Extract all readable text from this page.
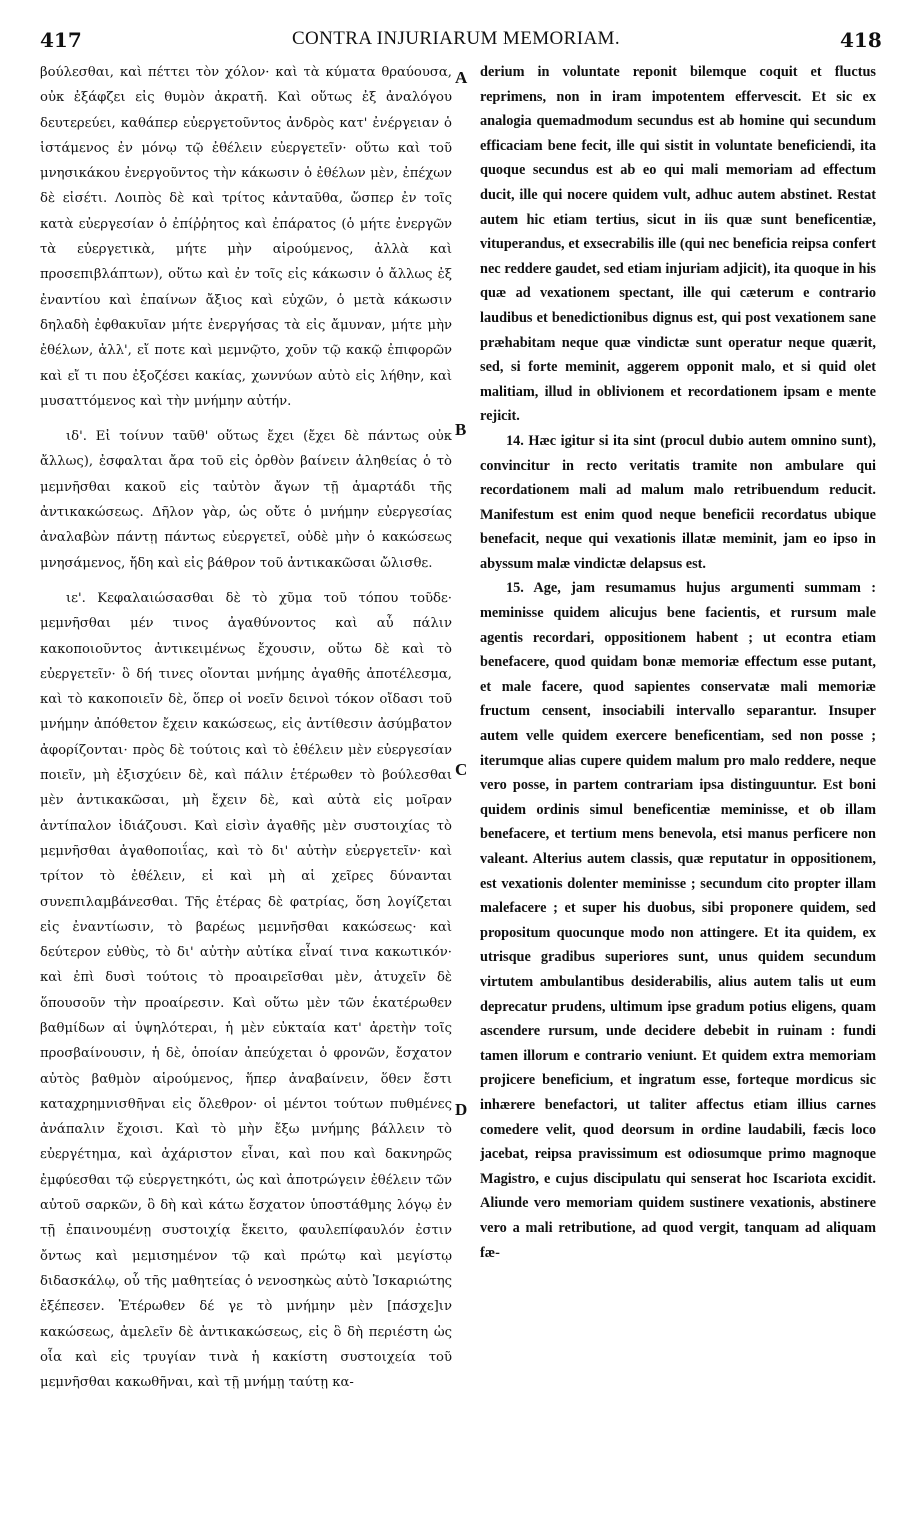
417	CONTRA INJURIARUM MEMORIAM.	418

βούλεσθαι, καὶ πέττει τὸν χόλον· καὶ τὰ κύματα θραύουσα, οὐκ ἐξάφζει εἰς θυμὸν ἀκρατῆ. Καὶ οὕτως ἐξ ἀναλόγου δευτερεύει, καθάπερ εὐεργετοῦντος ἀνδρὸς κατ' ἐνέργειαν ὁ ἱστάμενος ἐν μόνῳ τῷ ἐθέλειν εὐεργετεῖν· οὕτω καὶ τοῦ μνησικάκου ἐνεργοῦντος τὴν κάκωσιν ὁ ἐθέλων μὲν, ἐπέχων δὲ εἰσέτι. Λοιπὸς δὲ καὶ τρίτος κἀνταῦθα, ὥσπερ ἐν τοῖς κατὰ εὐεργεσίαν ὁ ἐπίῤῥητος καὶ ἐπάρατος (ὁ μήτε ἐνεργῶν τὰ εὐεργετικὰ, μήτε μὴν αἱρούμενος, ἀλλὰ καὶ προσεπιβλάπτων), οὕτω καὶ ἐν τοῖς εἰς κάκωσιν ὁ ἄλλως ἐξ ἐναντίου καὶ ἐπαίνων ἄξιος καὶ εὐχῶν, ὁ μετὰ κάκωσιν δηλαδὴ ἐφθακυῖαν μήτε ἐνεργήσας τὰ εἰς ἄμυναν, μήτε μὴν ἐθέλων, ἀλλ', εἴ ποτε καὶ μεμνῷτο, χοῦν τῷ κακῷ ἐπιφορῶν καὶ εἴ τι που ἐξοζέσει κακίας, χωννύων αὐτὸ εἰς λήθην, καὶ μυσαττόμενος καὶ τὴν μνήμην αὐτήν.

ιδ'. Εἰ τοίνυν ταῦθ' οὕτως ἔχει (ἔχει δὲ πάντως οὐκ ἄλλως), ἐσφαλται ἄρα τοῦ εἰς ὀρθὸν βαίνειν ἀληθείας ὁ τὸ μεμνῆσθαι κακοῦ εἰς ταὐτὸν ἄγων τῇ ἁμαρτάδι τῆς ἀντικακώσεως. Δῆλον γὰρ, ὡς οὔτε ὁ μνήμην εὐεργεσίας ἀναλαβὼν πάντῃ πάντως εὐεργετεῖ, οὐδὲ μὴν ὁ κακώσεως μνησάμενος, ἤδη καὶ εἰς βάθρον τοῦ ἀντικακῶσαι ὤλισθε.

ιε'. Κεφαλαιώσασθαι δὲ τὸ χῦμα τοῦ τόπου τοῦδε· μεμνῆσθαι μέν τινος ἀγαθύνοντος καὶ αὖ πάλιν κακοποιοῦντος ἀντικειμένως ἔχουσιν, οὕτω δὲ καὶ τὸ εὐεργετεῖν· ὃ δή τινες οἴονται μνήμης ἀγαθῆς ἀποτέλεσμα, καὶ τὸ κακοποιεῖν δὲ, ὅπερ οἱ νοεῖν δεινοὶ τόκον οἴδασι τοῦ μνήμην ἀπόθετον ἔχειν κακώσεως, εἰς ἀντίθεσιν ἀσύμβατον ἀφορίζονται· πρὸς δὲ τούτοις καὶ τὸ ἐθέλειν μὲν εὐεργεσίαν ποιεῖν, μὴ ἐξισχύειν δὲ, καὶ πάλιν ἑτέρωθεν τὸ βούλεσθαι μὲν ἀντικακῶσαι, μὴ ἔχειν δὲ, καὶ αὐτὰ εἰς μοῖραν ἀντίπαλον ἰδιάζουσι. Καὶ εἰσὶν ἀγαθῆς μὲν συστοιχίας τὸ μεμνῆσθαι ἀγαθοποιΐας, καὶ τὸ δι' αὐτὴν εὐεργετεῖν· καὶ τρίτον τὸ ἐθέλειν, εἰ καὶ μὴ αἱ χεῖρες δύνανται συνεπιλαμβάνεσθαι. Τῆς ἑτέρας δὲ φατρίας, ὅση λογίζεται εἰς ἐναντίωσιν, τὸ βαρέως μεμνῆσθαι κακώσεως· καὶ δεύτερον εὐθὺς, τὸ δι' αὐτὴν αὐτίκα εἶναί τινα κακωτικόν· καὶ ἐπὶ δυσὶ τούτοις τὸ προαιρεῖσθαι μὲν, ἀτυχεῖν δὲ ὅπουσοῦν τὴν προαίρεσιν. Καὶ οὕτω μὲν τῶν ἑκατέρωθεν βαθμίδων αἱ ὑψηλότεραι, ἡ μὲν εὐκταία κατ' ἀρετὴν τοῖς προσβαίνουσιν, ἡ δὲ, ὁποίαν ἀπεύχεται ὁ φρονῶν, ἔσχατον αὐτὸς βαθμὸν αἱρούμενος, ἥπερ ἀναβαίνειν, ὅθεν ἔστι καταχρημνισθῆναι εἰς ὄλεθρον· οἱ μέντοι τούτων πυθμένες ἀνάπαλιν ἔχοισι. Καὶ τὸ μὴν ἔξω μνήμης βάλλειν τὸ εὐεργέτημα, καὶ ἀχάριστον εἶναι, καὶ που καὶ δακνηρῶς ἐμφύεσθαι τῷ εὐεργετηκότι, ὡς καὶ ἀποτρώγειν ἐθέλειν τῶν αὐτοῦ σαρκῶν, ὃ δὴ καὶ κάτω ἔσχατον ὑποστάθμης λόγῳ ἐν τῇ ἐπαινουμένῃ συστοιχίᾳ ἔκειτο, φαυλεπίφαυλόν ἐστιν ὄντως καὶ μεμισημένον τῷ καὶ πρώτῳ καὶ μεγίστῳ διδασκάλῳ, οὗ τῆς μαθητείας ὁ νενοσηκὼς αὐτὸ Ἰσκαριώτης ἐξέπεσεν. Ἑτέρωθεν δέ γε τὸ μνήμην μὲν [πάσχε]ιν κακώσεως, ἀμελεῖν δὲ ἀντικακώσεως, εἰς ὃ δὴ περιέστη ὡς οἷα καὶ εἰς τρυγίαν τινὰ ἡ κακίστη συστοιχεία τοῦ μεμνῆσθαι κακωθῆναι, καὶ τῇ μνήμῃ ταύτῃ κα-

derium in voluntate reponit bilemque coquit et fluctus reprimens, non in iram impotentem effervescit. Et sic ex analogia quemadmodum secundus est ab homine qui secundum efficaciam bene fecit, ille qui sistit in voluntate beneficiendi, ita quoque secundus est ab eo qui mali memoriam ad effectum ducit, ille qui nocere quidem vult, adhuc autem abstinet. Restat autem hic etiam tertius, sicut in iis quæ sunt beneficentiæ, vituperandus, et exsecrabilis ille (qui nec beneficia reipsa confert nec reddere gaudet, sed etiam injuriam adjicit), ita quoque in his quæ ad vexationem spectant, ille qui cæterum e contrario laudibus et benedictionibus dignus est, qui post vexationem sane præhabitam neque quæ vindictæ sunt operatur neque quærit, sed, si forte meminit, aggerem opponit malo, et si quid olet malitiam, illud in oblivionem et recordationem ipsam e mente rejicit.

14. Hæc igitur si ita sint (procul dubio autem omnino sunt), convincitur in recto veritatis tramite non ambulare qui recordationem mali ad malum malo retribuendum reducit. Manifestum est enim quod neque beneficii recordatus ubique benefacit, neque qui vexationis illatæ meminit, jam eo ipso in abyssum malæ vindictæ delapsus est.

15. Age, jam resumamus hujus argumenti summam : meminisse quidem alicujus bene facientis, et rursum male agentis recordari, oppositionem habent ; ut econtra etiam benefacere, quod quidam bonæ memoriæ effectum esse putant, et male facere, quod sapientes conservatæ mali memoriæ fructum censent, insociabili intervallo separantur. Insuper autem velle quidem exercere beneficentiam, sed non posse ; iterumque alias cupere quidem malum pro malo reddere, neque vero posse, in partem contrariam ipsa distinguuntur. Est boni quidem ordinis simul beneficentiæ meminisse, et ob illam benefacere, et tertium mens benevola, etsi manus perficere non valeant. Alterius autem classis, quæ reputatur in oppositionem, est vexationis dolenter meminisse ; secundum cito propter illam malefacere ; et super his duobus, sibi proponere quidem, sed propositum quocunque modo non attingere. Et ita quidem, ex utrisque gradibus superiores sunt, unus quidem secundum virtutem ambulantibus desiderabilis, alius autem talis ut eum deprecatur prudens, ultimum ipse gradum potius eligens, quam ascendere rursum, unde decidere debebit in ruinam : fundi tamen illorum e contrario veniunt. Et quidem extra memoriam projicere beneficium, et ingratum esse, forteque mordicus sic inhærere benefactori, ut taliter affectus etiam illius carnes comedere velit, quod deorsum in ordine laudabili, fæcis loco jacebat, reipsa pravissimum est odiosumque primo magnoque Magistro, e cujus discipulatu qui senserat hoc Iscariota excidit. Aliunde vero memoriam quidem sustinere vexationis, abstinere vero a mali retributione, ad quod vergit, tanquam ad aliquam fæ-

A
B
C
D
